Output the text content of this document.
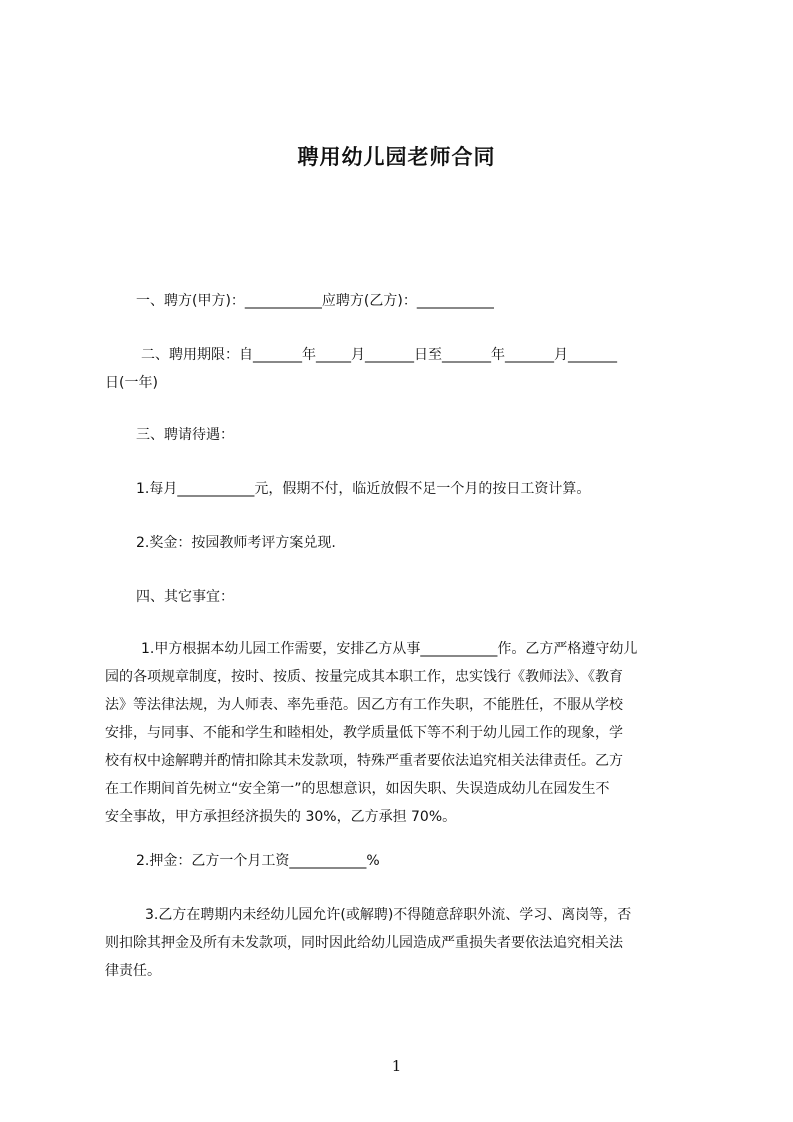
聘用幼儿园老师合同
一、聘方(甲方)：___________应聘方(乙方)：___________
二、聘用期限：自_______年_____月_______日至_______年_______月_______
日(一年)
三、聘请待遇：
1.每月___________元，假期不付，临近放假不足一个月的按日工资计算。
2.奖金：按园教师考评方案兑现.
四、其它事宜：
1.甲方根据本幼儿园工作需要，安排乙方从事___________作。乙方严格遵守幼儿
园的各项规章制度，按时、按质、按量完成其本职工作，忠实饯行《教师法》、《教育
法》等法律法规，为人师表、率先垂范。因乙方有工作失职，不能胜任，不服从学校
安排，与同事、不能和学生和睦相处，教学质量低下等不利于幼儿园工作的现象，学
校有权中途解聘并酌情扣除其未发款项，特殊严重者要依法追究相关法律责任。乙方
在工作期间首先树立“安全第一”的思想意识，如因失职、失误造成幼儿在园发生不
安全事故，甲方承担经济损失的 30%，乙方承担 70%。
2.押金：乙方一个月工资___________%
3.乙方在聘期内未经幼儿园允许(或解聘)不得随意辞职外流、学习、离岗等，否
则扣除其押金及所有未发款项，同时因此给幼儿园造成严重损失者要依法追究相关法
律责任。
1
